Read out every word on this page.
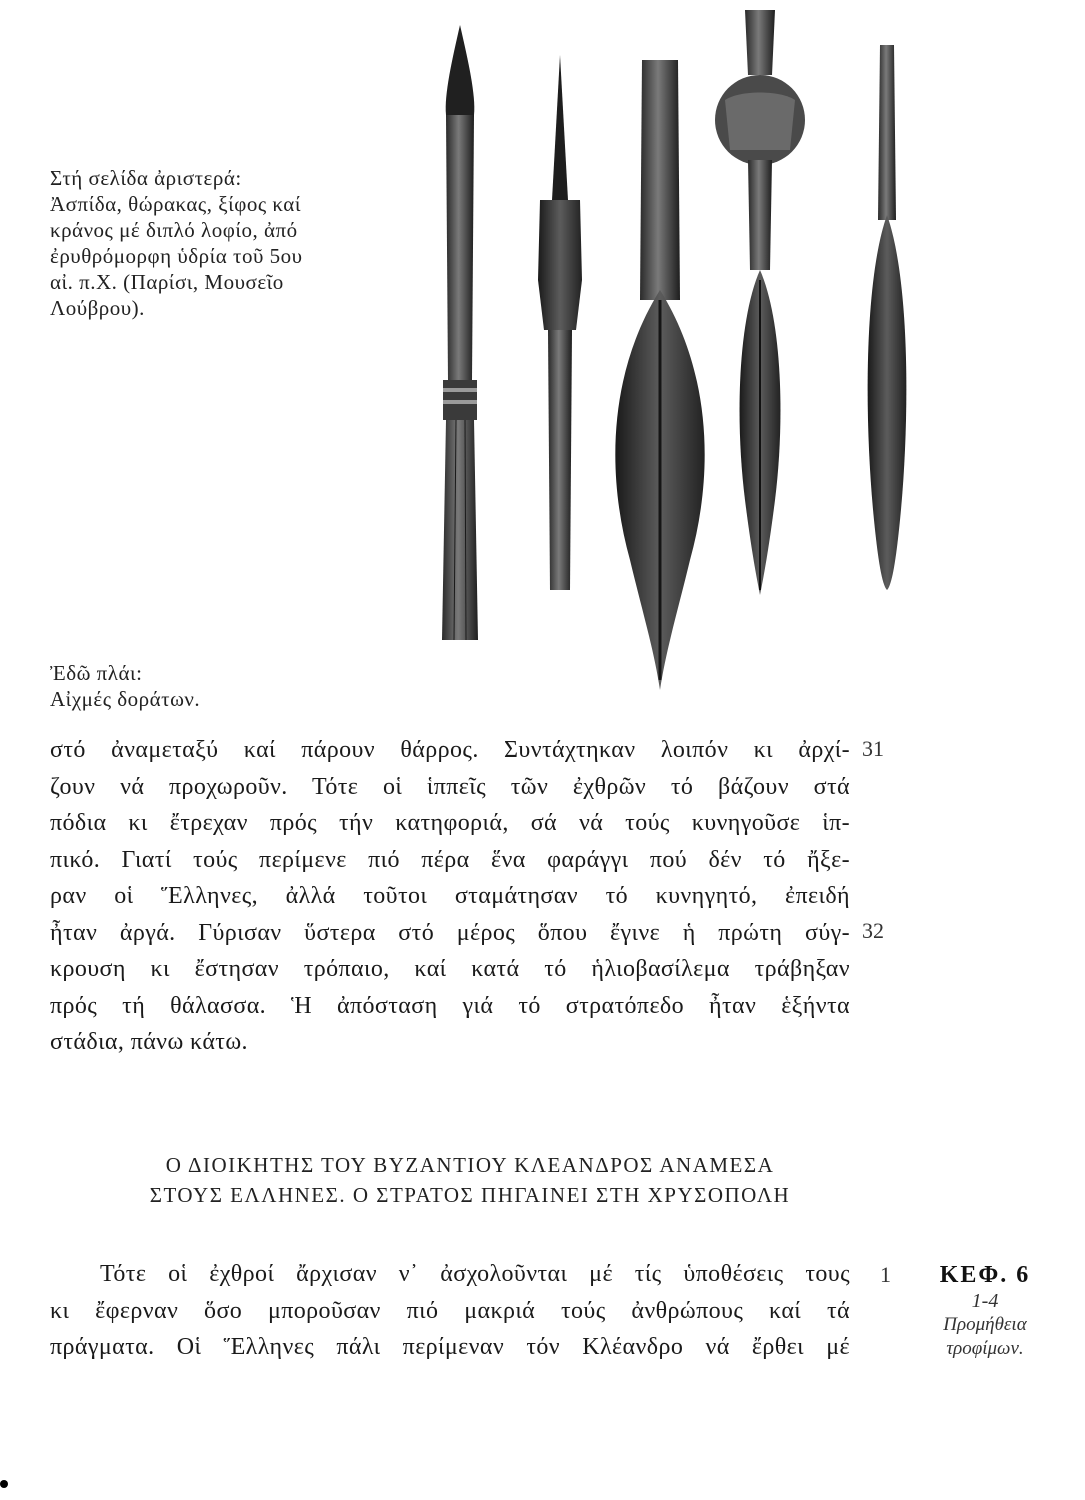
Στή σελίδα ἀριστερά:
Ἀσπίδα, θώρακας, ξίφος καί
κράνος μέ διπλό λοφίο, ἀπό
ἐρυθρόμορφη ὑδρία τοῦ 5ου
αἰ. π.Χ. (Παρίσι, Μουσεῖο
Λούβρου).
Ἐδῶ πλάι:
Αἰχμές δοράτων.
στό ἀναμεταξύ καί πάρουν θάρρος. Συντάχτηκαν λοιπόν κι ἀρχί-
ζουν νά προχωροῦν. Τότε οἱ ἱππεῖς τῶν ἐχθρῶν τό βάζουν στά
πόδια κι ἔτρεχαν πρός τήν κατηφοριά, σά νά τούς κυνηγοῦσε ἱπ-
πικό. Γιατί τούς περίμενε πιό πέρα ἕνα φαράγγι πού δέν τό ἤξε-
ραν οἱ Ἕλληνες, ἀλλά τοῦτοι σταμάτησαν τό κυνηγητό, ἐπειδή
ἦταν ἀργά. Γύρισαν ὕστερα στό μέρος ὅπου ἔγινε ἡ πρώτη σύγ-
κρουση κι ἔστησαν τρόπαιο, καί κατά τό ἡλιοβασίλεμα τράβηξαν
πρός τή θάλασσα. Ἡ ἀπόσταση γιά τό στρατόπεδο ἦταν ἑξήντα
στάδια, πάνω κάτω.
31
32
Ο ΔΙΟΙΚΗΤΗΣ ΤΟΥ ΒΥΖΑΝΤΙΟΥ ΚΛΕΑΝΔΡΟΣ ΑΝΑΜΕΣΑ
ΣΤΟΥΣ ΕΛΛΗΝΕΣ. Ο ΣΤΡΑΤΟΣ ΠΗΓΑΙΝΕΙ ΣΤΗ ΧΡΥΣΟΠΟΛΗ
Τότε οἱ ἐχθροί ἄρχισαν ν᾽ ἀσχολοῦνται μέ τίς ὑποθέσεις τους
κι ἔφερναν ὅσο μποροῦσαν πιό μακριά τούς ἀνθρώπους καί τά
πράγματα. Οἱ Ἕλληνες πάλι περίμεναν τόν Κλέανδρο νά ἔρθει μέ
1	ΚΕΦ. 6
1-4
Προμήθεια
τροφίμων.
